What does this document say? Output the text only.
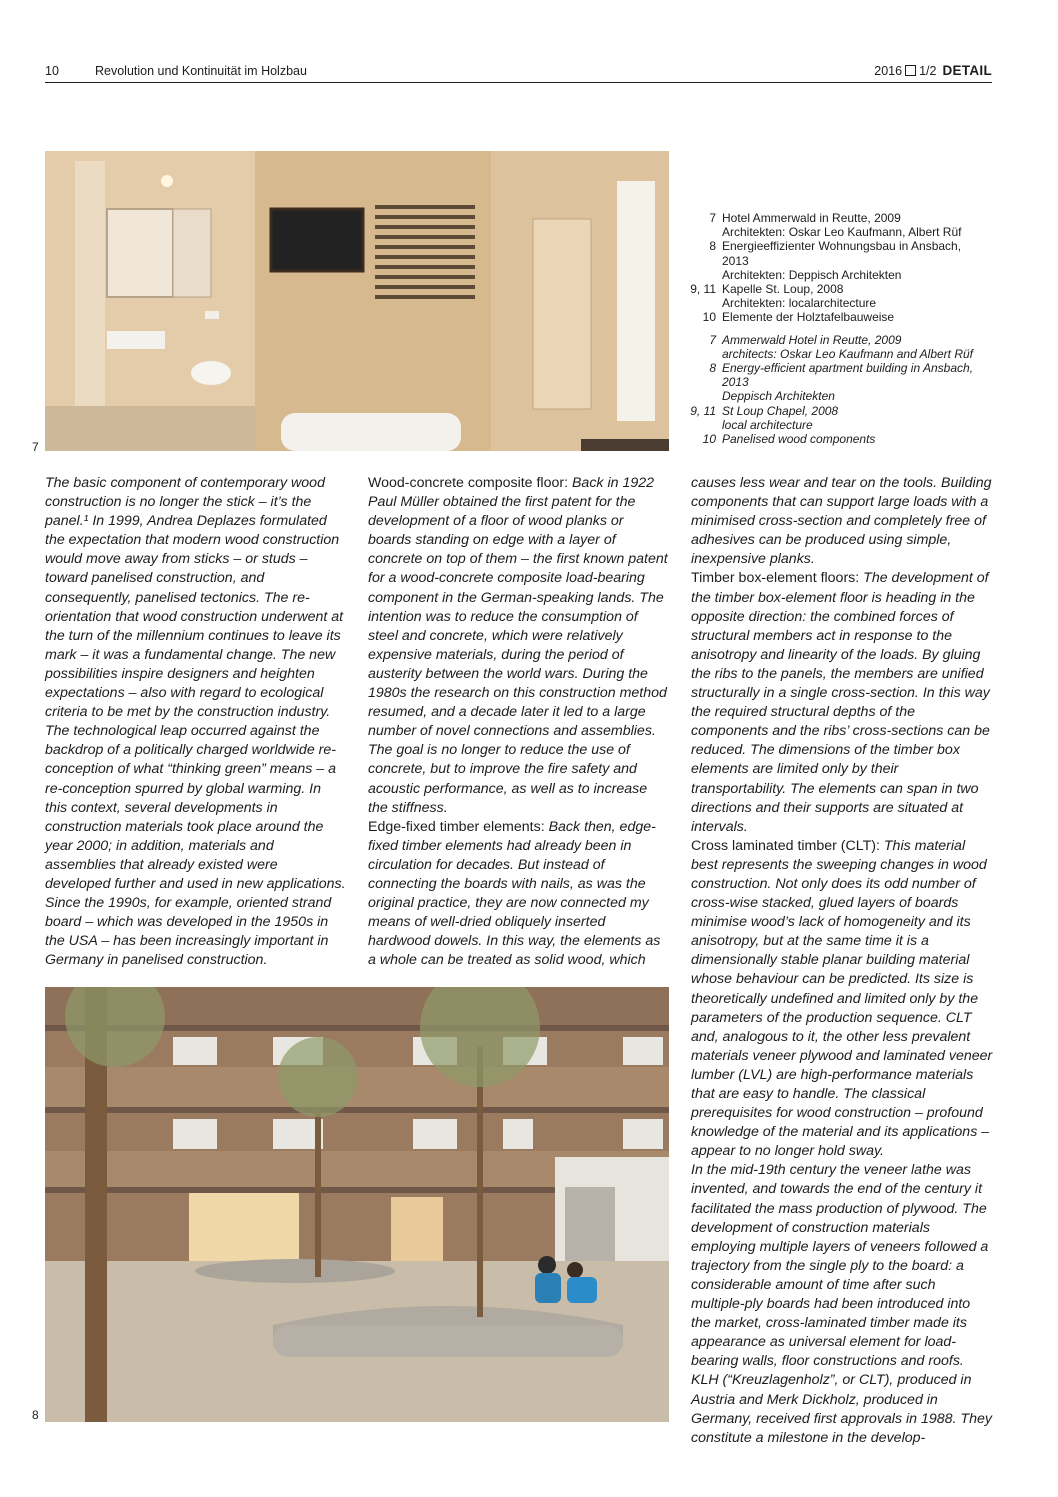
10	Revolution und Kontinuität im Holzbau	2016 1/2 DETAIL
7
7 Hotel Ammerwald in Reutte, 2009
Architekten: Oskar Leo Kaufmann, Albert Rüf
8 Energieeffizienter Wohnungsbau in Ansbach,
2013
Architekten: Deppisch Architekten
9, 11 Kapelle St. Loup, 2008
Architekten: localarchitecture
10 Elemente der Holztafelbauweise
7 Ammerwald Hotel in Reutte, 2009
architects: Oskar Leo Kaufmann and Albert Rüf
8 Energy-efficient apartment building in Ansbach,
2013
Deppisch Architekten
9, 11 St Loup Chapel, 2008
local architecture
10 Panelised wood components

The basic component of contemporary wood construction is no longer the stick – it’s the panel.¹ In 1999, Andrea Deplazes formulated the expectation that modern wood construction would move away from sticks – or studs – toward panelised construction, and consequently, panelised tectonics. The re-orientation that wood construction underwent at the turn of the millennium continues to leave its mark – it was a fundamental change. The new possibilities inspire designers and heighten expectations – also with regard to ecological criteria to be met by the construction industry. The technological leap occurred against the backdrop of a politically charged worldwide re-conception of what “thinking green” means – a re-conception spurred by global warming. In this context, several developments in construction materials took place around the year 2000; in addition, materials and assemblies that already existed were developed further and used in new applications. Since the 1990s, for example, oriented strand board – which was developed in the 1950s in the USA – has been increasingly important in Germany in panelised construction.

Wood-concrete composite floor: Back in 1922 Paul Müller obtained the first patent for the development of a floor of wood planks or boards standing on edge with a layer of concrete on top of them – the first known patent for a wood-concrete composite load-bearing component in the German-speaking lands. The intention was to reduce the consumption of steel and concrete, which were relatively expensive materials, during the period of austerity between the world wars. During the 1980s the research on this construction method resumed, and a decade later it led to a large number of novel connections and assemblies. The goal is no longer to reduce the use of concrete, but to improve the fire safety and acoustic performance, as well as to increase the stiffness.

Edge-fixed timber elements: Back then, edge-fixed timber elements had already been in circulation for decades. But instead of connecting the boards with nails, as was the original practice, they are now connected my means of well-dried obliquely inserted hardwood dowels. In this way, the elements as a whole can be treated as solid wood, which

causes less wear and tear on the tools. Building components that can support large loads with a minimised cross-section and completely free of adhesives can be produced using simple, inexpensive planks.

Timber box-element floors: The development of the timber box-element floor is heading in the opposite direction: the combined forces of structural members act in response to the anisotropy and linearity of the loads. By gluing the ribs to the panels, the members are unified structurally in a single cross-section. In this way the required structural depths of the components and the ribs’ cross-sections can be reduced. The dimensions of the timber box elements are limited only by their transportability. The elements can span in two directions and their supports are situated at intervals.

Cross laminated timber (CLT): This material best represents the sweeping changes in wood construction. Not only does its odd number of cross-wise stacked, glued layers of boards minimise wood’s lack of homogeneity and its anisotropy, but at the same time it is a dimensionally stable planar building material whose behaviour can be predicted. Its size is theoretically undefined and limited only by the parameters of the production sequence. CLT and, analogous to it, the other less prevalent materials veneer plywood and laminated veneer lumber (LVL) are high-performance materials that are easy to handle. The classical prerequisites for wood construction – profound knowledge of the material and its applications – appear to no longer hold sway.

In the mid-19th century the veneer lathe was invented, and towards the end of the century it facilitated the mass production of plywood. The development of construction materials employing multiple layers of veneers followed a trajectory from the single ply to the board: a considerable amount of time after such multiple-ply boards had been introduced into the market, cross-laminated timber made its appearance as universal element for load-bearing walls, floor constructions and roofs. KLH (“Kreuzlagenholz”, or CLT), produced in Austria and Merk Dickholz, produced in Germany, received first approvals in 1988. They constitute a milestone in the develop-

8
